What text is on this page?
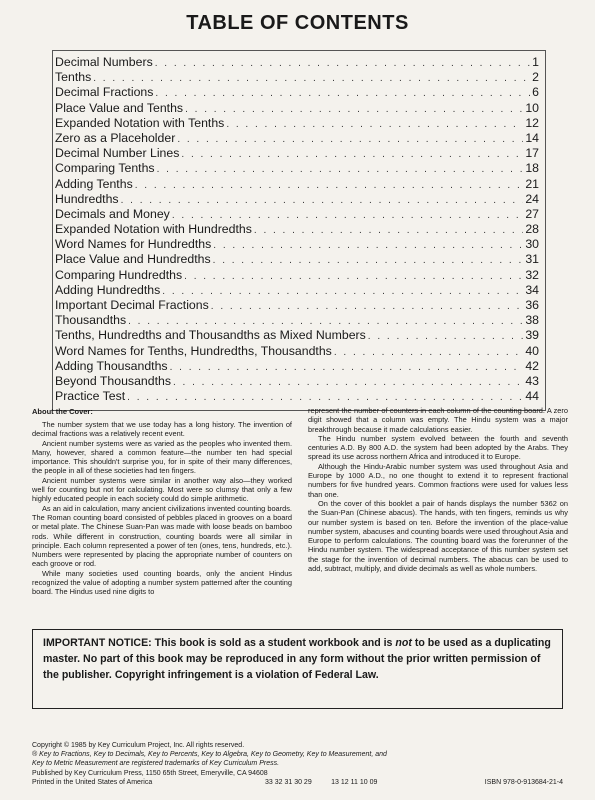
TABLE OF CONTENTS
Decimal Numbers . . .	1
Tenths . . .	2
Decimal Fractions . . .	6
Place Value and Tenths . . .	10
Expanded Notation with Tenths . . .	12
Zero as a Placeholder . . .	14
Decimal Number Lines . . .	17
Comparing Tenths . . .	18
Adding Tenths . . .	21
Hundredths . . .	24
Decimals and Money . . .	27
Expanded Notation with Hundredths . . .	28
Word Names for Hundredths . . .	30
Place Value and Hundredths . . .	31
Comparing Hundredths . . .	32
Adding Hundredths . . .	34
Important Decimal Fractions . . .	36
Thousandths . . .	38
Tenths, Hundredths and Thousandths as Mixed Numbers . . .	39
Word Names for Tenths, Hundredths, Thousandths . . .	40
Adding Thousandths . . .	42
Beyond Thousandths . . .	43
Practice Test . . .	44
About the Cover:

The number system that we use today has a long history. The invention of decimal fractions was a relatively recent event.

Ancient number systems were as varied as the peoples who invented them. Many, however, shared a common feature—the number ten had special importance. This shouldn't surprise you, for in spite of their many differences, the people in all of these societies had ten fingers.

Ancient number systems were similar in another way also—they worked well for counting but not for calculating. Most were so clumsy that only a few highly educated people in each society could do simple arithmetic.

As an aid in calculation, many ancient civilizations invented counting boards. The Roman counting board consisted of pebbles placed in grooves on a board or metal plate. The Chinese Suan-Pan was made with loose beads on bamboo rods. While different in construction, counting boards were all similar in principle. Each column represented a power of ten (ones, tens, hundreds, etc.). Numbers were represented by placing the appropriate number of counters on each groove or rod.

While many societies used counting boards, only the ancient Hindus recognized the value of adopting a number system patterned after the counting board. The Hindus used nine digits to

represent the number of counters in each column of the counting board. A zero digit showed that a column was empty. The Hindu system was a major breakthrough because it made calculations easier.

The Hindu number system evolved between the fourth and seventh centuries A.D. By 800 A.D. the system had been adopted by the Arabs. They spread its use across northern Africa and introduced it to Europe.

Although the Hindu-Arabic number system was used throughout Asia and Europe by 1000 A.D., no one thought to extend it to represent fractional numbers for five hundred years. Common fractions were used for values less than one.

On the cover of this booklet a pair of hands displays the number 5362 on the Suan-Pan (Chinese abacus). The hands, with ten fingers, reminds us why our number system is based on ten. Before the invention of the place-value number system, abacuses and counting boards were used throughout Asia and Europe to perform calculations. The counting board was the forerunner of the Hindu number system. The widespread acceptance of this number system set the stage for the invention of decimal numbers. The abacus can be used to add, subtract, multiply, and divide decimals as well as whole numbers.

IMPORTANT NOTICE: This book is sold as a student workbook and is not to be used as a duplicating master. No part of this book may be reproduced in any form without the prior written permission of the publisher. Copyright infringement is a violation of Federal Law.
Copyright © 1985 by Key Curriculum Project, Inc. All rights reserved.
® Key to Fractions, Key to Decimals, Key to Percents, Key to Algebra, Key to Geometry, Key to Measurement, and
Key to Metric Measurement are registered trademarks of Key Curriculum Press.
Published by Key Curriculum Press, 1150 65th Street, Emeryville, CA 94608
Printed in the United States of America	33 32 31 30 29          13 12 11 10 09	ISBN 978-0-913684-21-4
